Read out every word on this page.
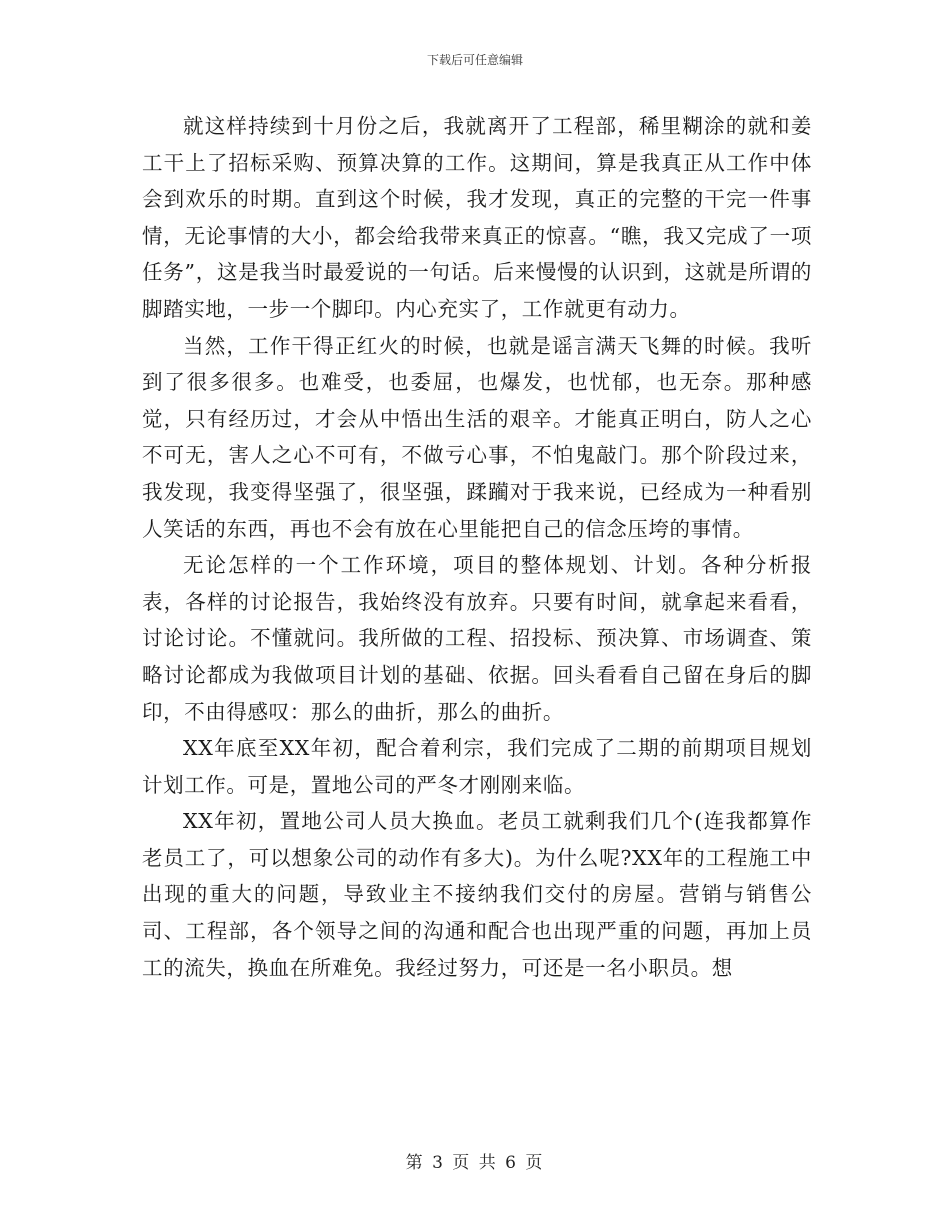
下载后可任意编辑

就这样持续到十月份之后，我就离开了工程部，稀里糊涂的就和姜工干上了招标采购、预算决算的工作。这期间，算是我真正从工作中体会到欢乐的时期。直到这个时候，我才发现，真正的完整的干完一件事情，无论事情的大小，都会给我带来真正的惊喜。“瞧，我又完成了一项任务”，这是我当时最爱说的一句话。后来慢慢的认识到，这就是所谓的脚踏实地，一步一个脚印。内心充实了，工作就更有动力。

当然，工作干得正红火的时候，也就是谣言满天飞舞的时候。我听到了很多很多。也难受，也委屈，也爆发，也忧郁，也无奈。那种感觉，只有经历过，才会从中悟出生活的艰辛。才能真正明白，防人之心不可无，害人之心不可有，不做亏心事，不怕鬼敲门。那个阶段过来，我发现，我变得坚强了，很坚强，蹂躏对于我来说，已经成为一种看别人笑话的东西，再也不会有放在心里能把自己的信念压垮的事情。

无论怎样的一个工作环境，项目的整体规划、计划。各种分析报表，各样的讨论报告，我始终没有放弃。只要有时间，就拿起来看看，讨论讨论。不懂就问。我所做的工程、招投标、预决算、市场调查、策略讨论都成为我做项目计划的基础、依据。回头看看自己留在身后的脚印，不由得感叹：那么的曲折，那么的曲折。

XX年底至XX年初，配合着利宗，我们完成了二期的前期项目规划计划工作。可是，置地公司的严冬才刚刚来临。

XX年初，置地公司人员大换血。老员工就剩我们几个(连我都算作老员工了，可以想象公司的动作有多大)。为什么呢?XX年的工程施工中出现的重大的问题，导致业主不接纳我们交付的房屋。营销与销售公司、工程部，各个领导之间的沟通和配合也出现严重的问题，再加上员工的流失，换血在所难免。我经过努力，可还是一名小职员。想

第 3 页 共 6 页
